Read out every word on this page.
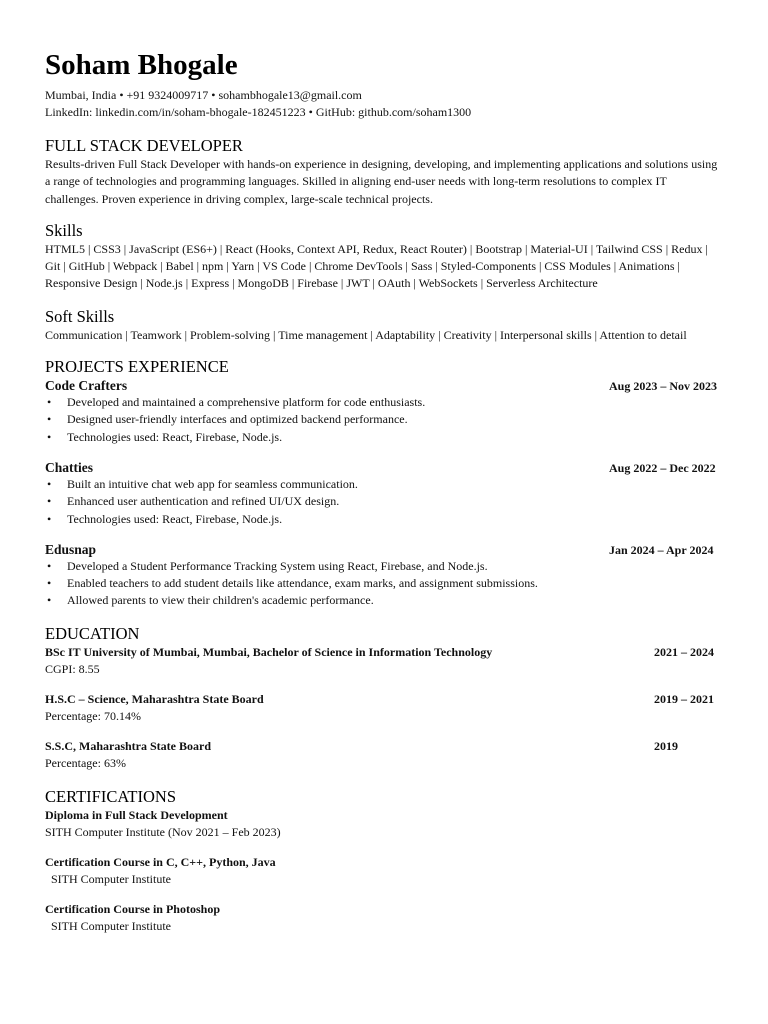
Soham Bhogale
Mumbai, India • +91 9324009717 • sohambhogale13@gmail.com
LinkedIn: linkedin.com/in/soham-bhogale-182451223 • GitHub: github.com/soham1300
FULL STACK DEVELOPER

Results-driven Full Stack Developer with hands-on experience in designing, developing, and implementing applications and solutions using a range of technologies and programming languages. Skilled in aligning end-user needs with long-term resolutions to complex IT challenges. Proven experience in driving complex, large-scale technical projects.

Skills

HTML5 | CSS3 | JavaScript (ES6+) | React (Hooks, Context API, Redux, React Router) | Bootstrap | Material-UI | Tailwind CSS | Redux | Git | GitHub | Webpack | Babel | npm | Yarn | VS Code | Chrome DevTools | Sass | Styled-Components | CSS Modules | Animations | Responsive Design | Node.js | Express | MongoDB | Firebase | JWT | OAuth | WebSockets | Serverless Architecture

Soft Skills

Communication | Teamwork | Problem-solving | Time management | Adaptability | Creativity | Interpersonal skills | Attention to detail

PROJECTS EXPERIENCE
Code Crafters	Aug 2023 – Nov 2023
• Developed and maintained a comprehensive platform for code enthusiasts.
• Designed user-friendly interfaces and optimized backend performance.
• Technologies used: React, Firebase, Node.js.
Chatties	Aug 2022 – Dec 2022
• Built an intuitive chat web app for seamless communication.
• Enhanced user authentication and refined UI/UX design.
• Technologies used: React, Firebase, Node.js.
Edusnap	Jan 2024 – Apr 2024
• Developed a Student Performance Tracking System using React, Firebase, and Node.js.
• Enabled teachers to add student details like attendance, exam marks, and assignment submissions.
• Allowed parents to view their children's academic performance.
EDUCATION
BSc IT University of Mumbai, Mumbai, Bachelor of Science in Information Technology	2021 – 2024
CGPI: 8.55
H.S.C – Science, Maharashtra State Board	2019 – 2021
Percentage: 70.14%
S.S.C, Maharashtra State Board	2019
Percentage: 63%
CERTIFICATIONS
Diploma in Full Stack Development
SITH Computer Institute (Nov 2021 – Feb 2023)
Certification Course in C, C++, Python, Java
SITH Computer Institute
Certification Course in Photoshop
SITH Computer Institute
